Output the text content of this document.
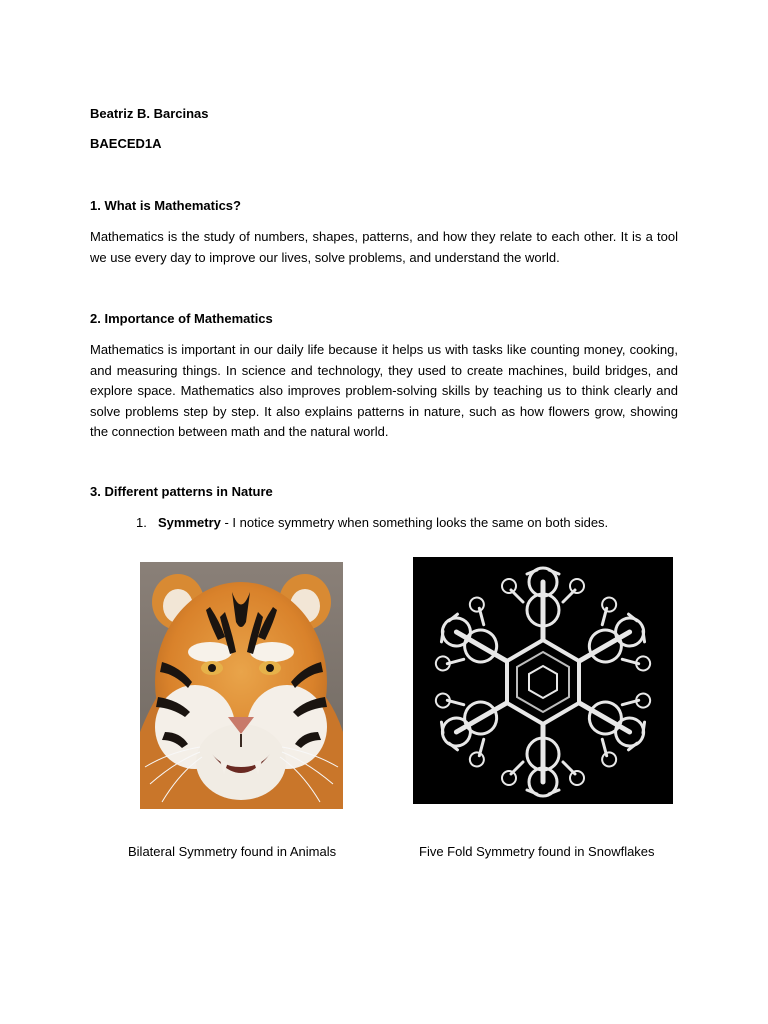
Beatriz B. Barcinas
BAECED1A
1. What is Mathematics?
Mathematics is the study of numbers, shapes, patterns, and how they relate to each other. It is a tool we use every day to improve our lives, solve problems, and understand the world.
2. Importance of Mathematics
Mathematics is important in our daily life because it helps us with tasks like counting money, cooking, and measuring things. In science and technology, they used to create machines, build bridges, and explore space. Mathematics also improves problem-solving skills by teaching us to think clearly and solve problems step by step. It also explains patterns in nature, such as how flowers grow, showing the connection between math and the natural world.
3. Different patterns in Nature
1. Symmetry - I notice symmetry when something looks the same on both sides.
Bilateral Symmetry found in Animals	Five Fold Symmetry found in Snowflakes
